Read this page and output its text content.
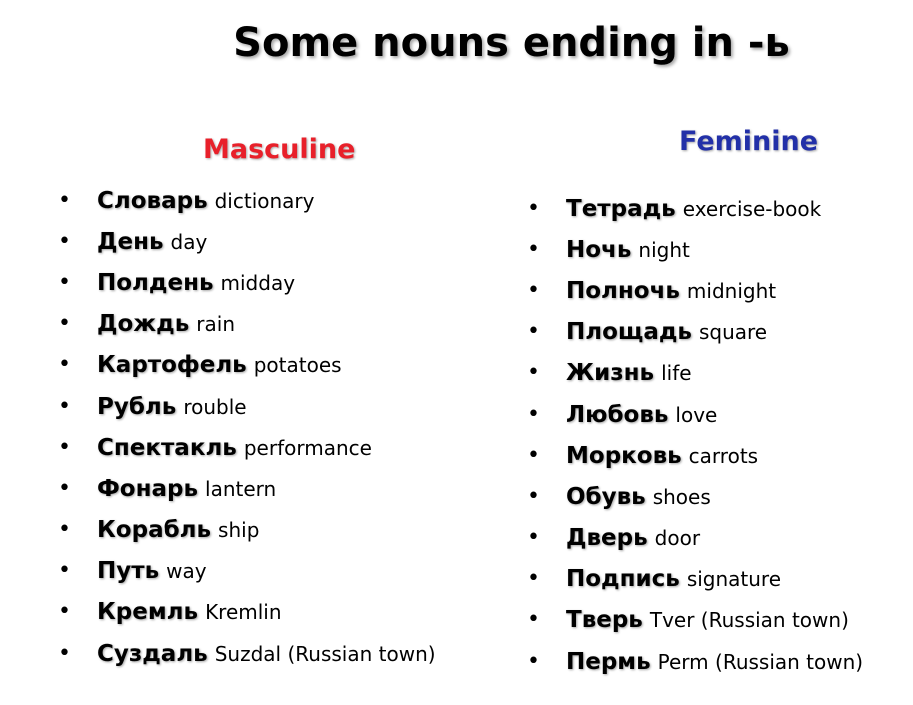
Some nouns ending in -ь
Masculine	Feminine
•	Словарь dictionary
•	День day
•	Полдень midday
•	Дождь rain
•	Картофель potatoes
•	Рубль rouble
•	Спектакль performance
•	Фонарь lantern
•	Корабль ship
•	Путь way
•	Кремль Kremlin
•	Суздаль Suzdal (Russian town)
•	Тетрадь exercise-book
•	Ночь night
•	Полночь midnight
•	Площадь square
•	Жизнь life
•	Любовь love
•	Морковь carrots
•	Обувь shoes
•	Дверь door
•	Подпись signature
•	Тверь Tver (Russian town)
•	Пермь Perm (Russian town)
